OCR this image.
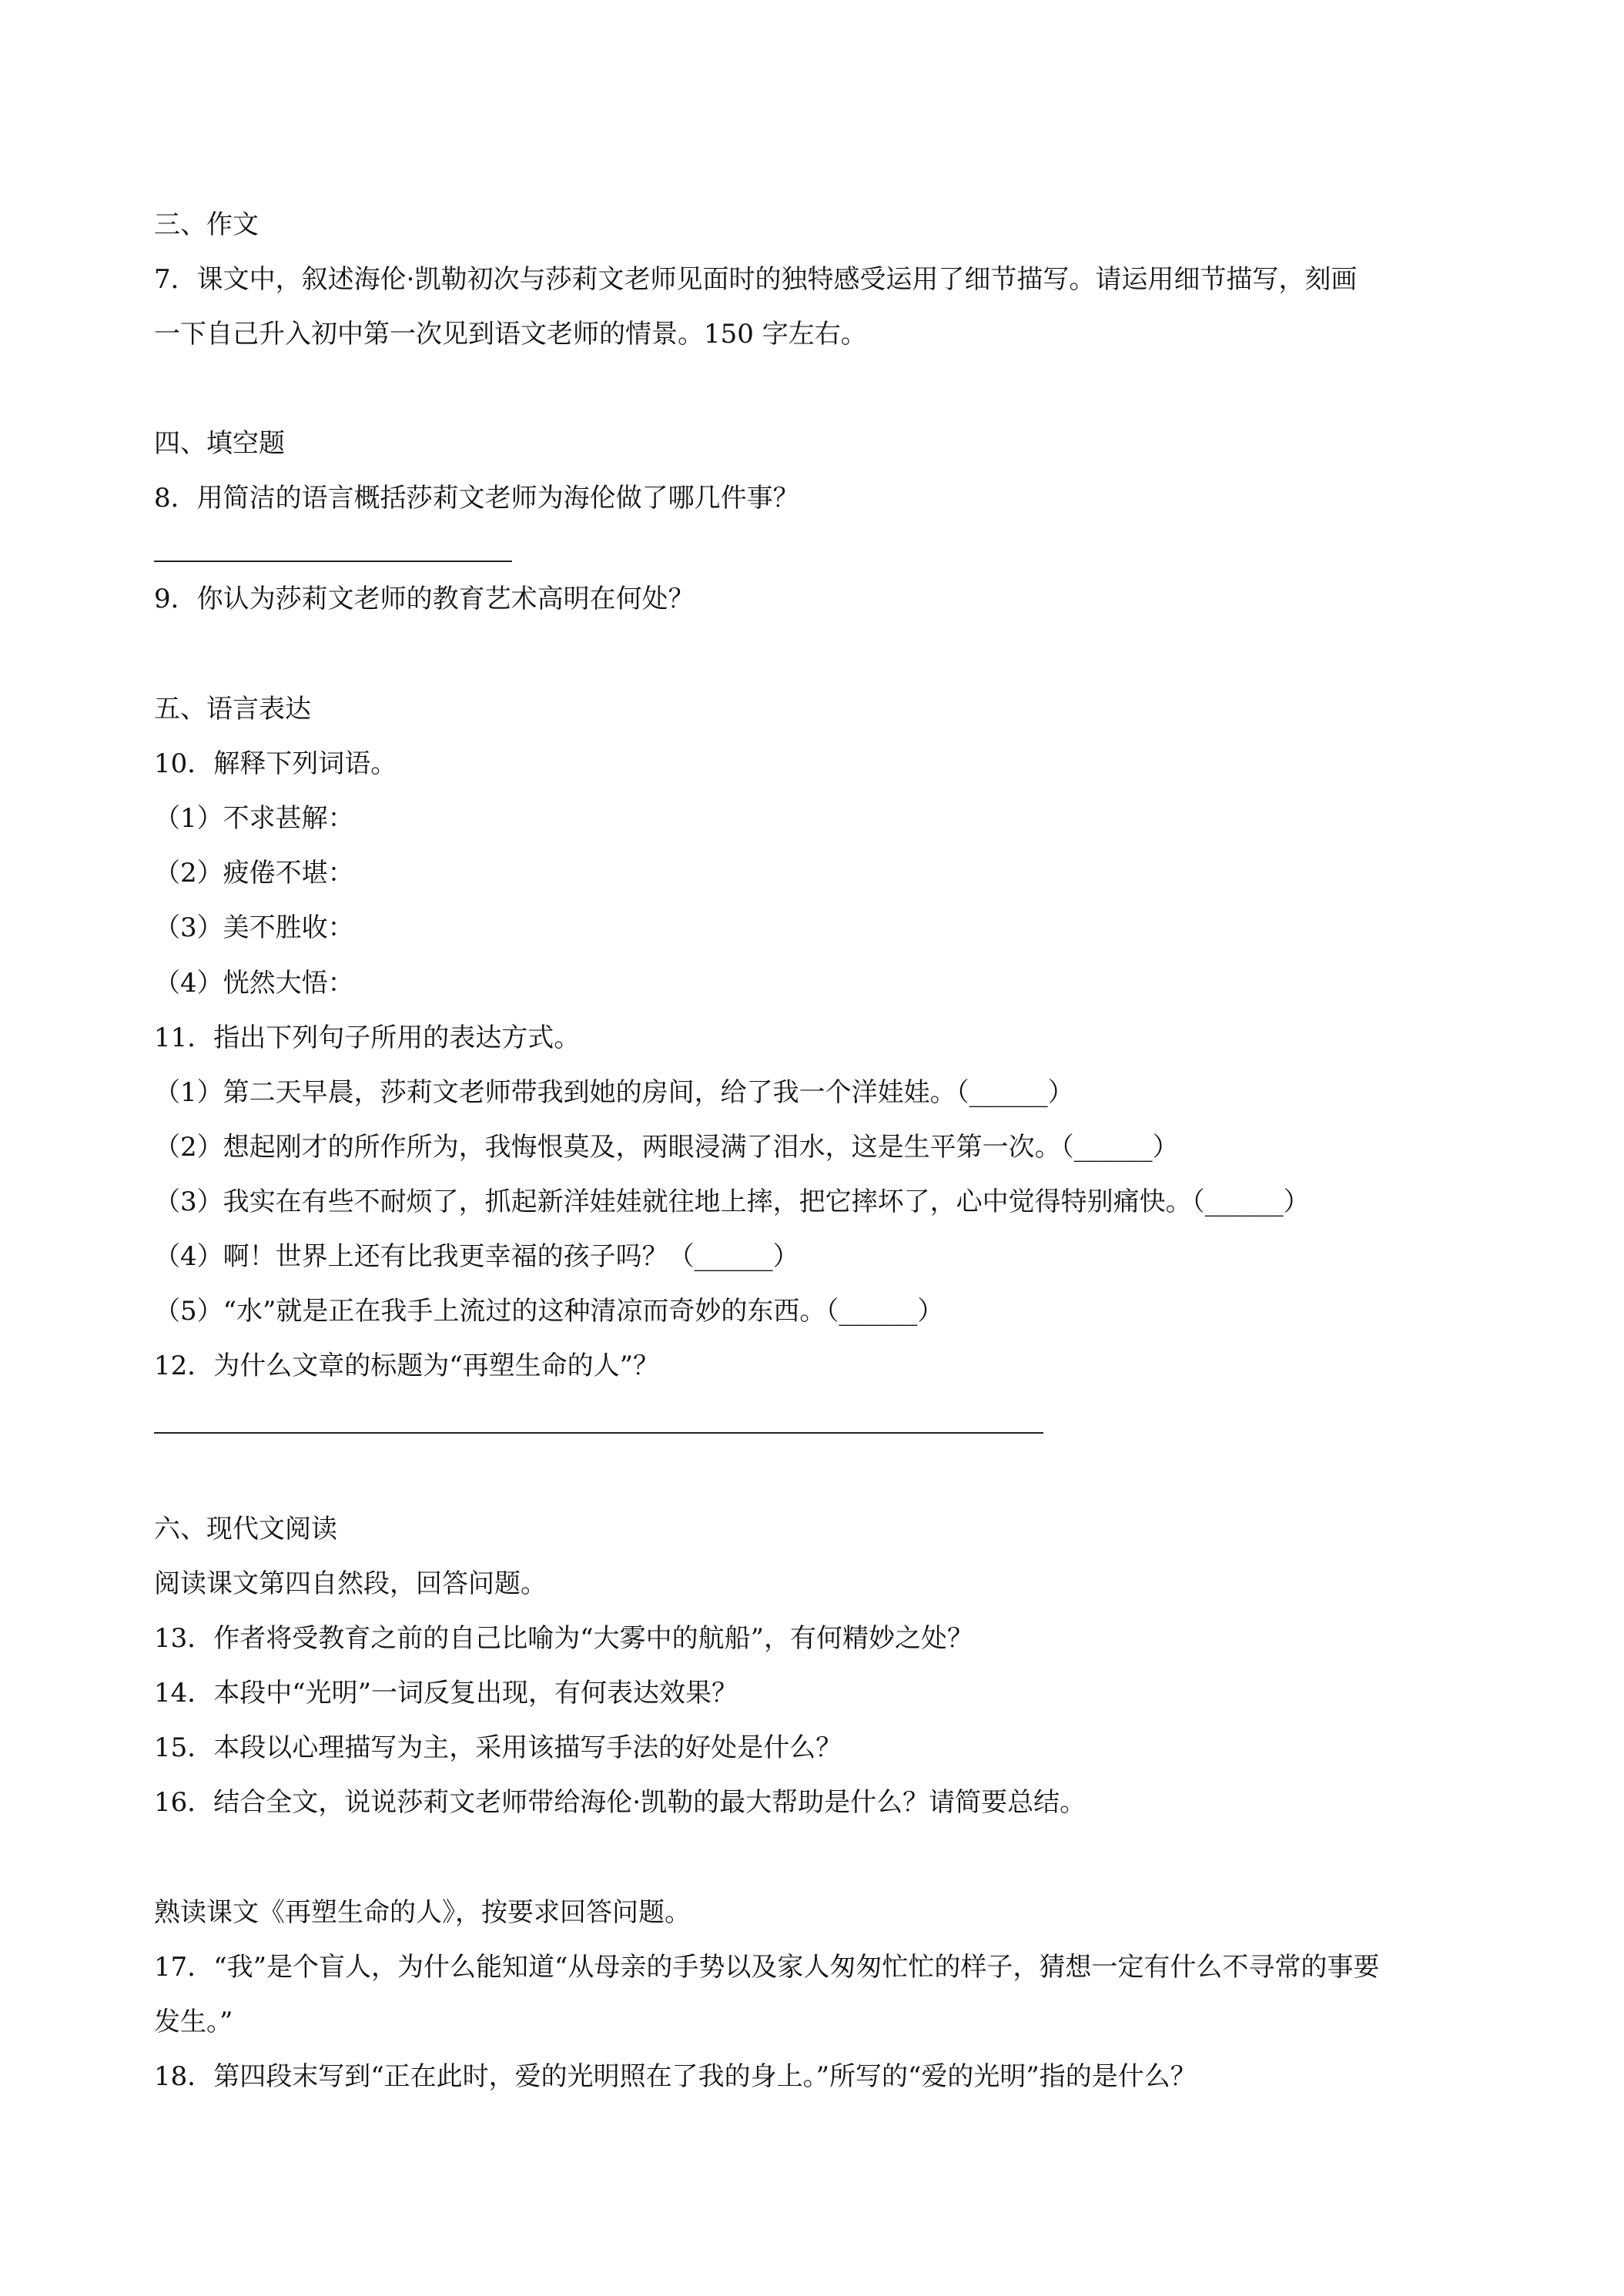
三、作文

7．课文中，叙述海伦·凯勒初次与莎莉文老师见面时的独特感受运用了细节描写。请运用细节描写，刻画

一下自己升入初中第一次见到语文老师的情景。150 字左右。

四、填空题

8．用简洁的语言概括莎莉文老师为海伦做了哪几件事？

9．你认为莎莉文老师的教育艺术高明在何处？

五、语言表达

10．解释下列词语。

（1）不求甚解：

（2）疲倦不堪：

（3）美不胜收：

（4）恍然大悟：

11．指出下列句子所用的表达方式。

（1）第二天早晨，莎莉文老师带我到她的房间，给了我一个洋娃娃。（______）

（2）想起刚才的所作所为，我悔恨莫及，两眼浸满了泪水，这是生平第一次。（______）

（3）我实在有些不耐烦了，抓起新洋娃娃就往地上摔，把它摔坏了，心中觉得特别痛快。（______）

（4）啊！世界上还有比我更幸福的孩子吗？（______）

（5）“水”就是正在我手上流过的这种清凉而奇妙的东西。（______）

12．为什么文章的标题为“再塑生命的人”？

六、现代文阅读

阅读课文第四自然段，回答问题。

13．作者将受教育之前的自己比喻为“大雾中的航船”，有何精妙之处？

14．本段中“光明”一词反复出现，有何表达效果？

15．本段以心理描写为主，采用该描写手法的好处是什么？

16．结合全文，说说莎莉文老师带给海伦·凯勒的最大帮助是什么？请简要总结。

熟读课文《再塑生命的人》，按要求回答问题。

17．“我”是个盲人，为什么能知道“从母亲的手势以及家人匆匆忙忙的样子，猜想一定有什么不寻常的事要

发生。”

18．第四段末写到“正在此时，爱的光明照在了我的身上。”所写的“爱的光明”指的是什么？
